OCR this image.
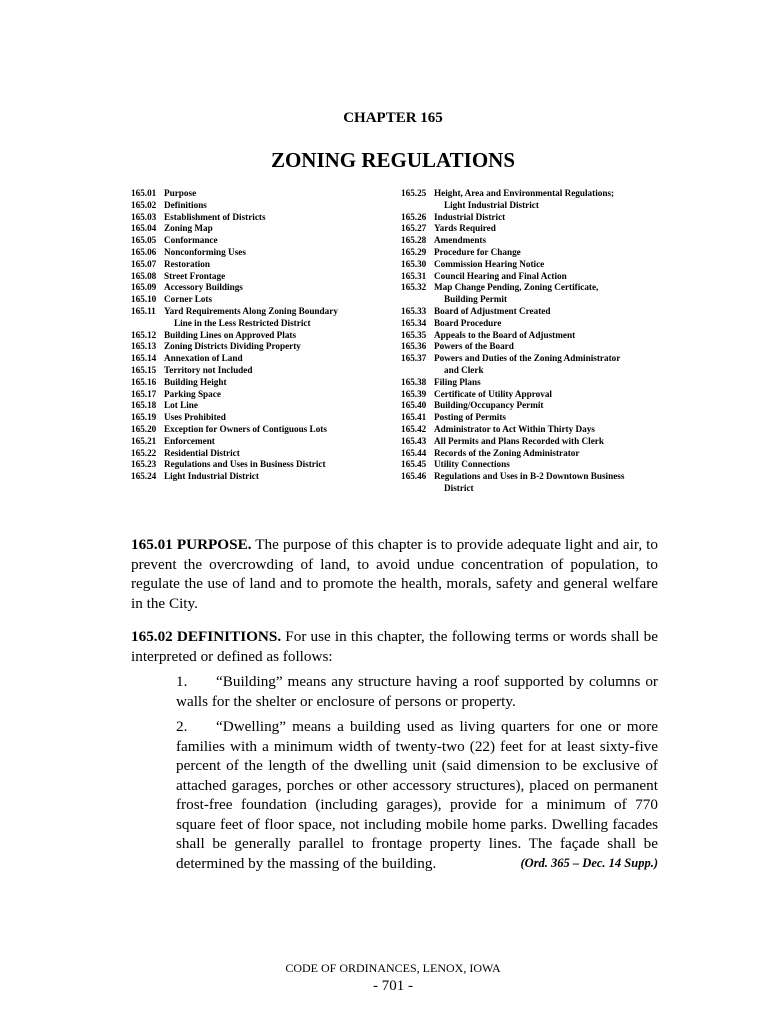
CHAPTER 165
ZONING REGULATIONS
165.01 Purpose
165.02 Definitions
165.03 Establishment of Districts
165.04 Zoning Map
165.05 Conformance
165.06 Nonconforming Uses
165.07 Restoration
165.08 Street Frontage
165.09 Accessory Buildings
165.10 Corner Lots
165.11 Yard Requirements Along Zoning Boundary
Line in the Less Restricted District
165.12 Building Lines on Approved Plats
165.13 Zoning Districts Dividing Property
165.14 Annexation of Land
165.15 Territory not Included
165.16 Building Height
165.17 Parking Space
165.18 Lot Line
165.19 Uses Prohibited
165.20 Exception for Owners of Contiguous Lots
165.21 Enforcement
165.22 Residential District
165.23 Regulations and Uses in Business District
165.24 Light Industrial District
165.25 Height, Area and Environmental Regulations;
Light Industrial District
165.26 Industrial District
165.27 Yards Required
165.28 Amendments
165.29 Procedure for Change
165.30 Commission Hearing Notice
165.31 Council Hearing and Final Action
165.32 Map Change Pending, Zoning Certificate,
Building Permit
165.33 Board of Adjustment Created
165.34 Board Procedure
165.35 Appeals to the Board of Adjustment
165.36 Powers of the Board
165.37 Powers and Duties of the Zoning Administrator
and Clerk
165.38 Filing Plans
165.39 Certificate of Utility Approval
165.40 Building/Occupancy Permit
165.41 Posting of Permits
165.42 Administrator to Act Within Thirty Days
165.43 All Permits and Plans Recorded with Clerk
165.44 Records of the Zoning Administrator
165.45 Utility Connections
165.46 Regulations and Uses in B-2 Downtown Business
District
165.01 PURPOSE. The purpose of this chapter is to provide adequate light and air, to prevent the overcrowding of land, to avoid undue concentration of population, to regulate the use of land and to promote the health, morals, safety and general welfare in the City.
165.02 DEFINITIONS. For use in this chapter, the following terms or words shall be interpreted or defined as follows:
1. “Building” means any structure having a roof supported by columns or walls for the shelter or enclosure of persons or property.
2. “Dwelling” means a building used as living quarters for one or more families with a minimum width of twenty-two (22) feet for at least sixty-five percent of the length of the dwelling unit (said dimension to be exclusive of attached garages, porches or other accessory structures), placed on permanent frost-free foundation (including garages), provide for a minimum of 770 square feet of floor space, not including mobile home parks. Dwelling facades shall be generally parallel to frontage property lines. The façade shall be determined by the massing of the building.	(Ord. 365 – Dec. 14 Supp.)
CODE OF ORDINANCES, LENOX, IOWA
- 701 -
